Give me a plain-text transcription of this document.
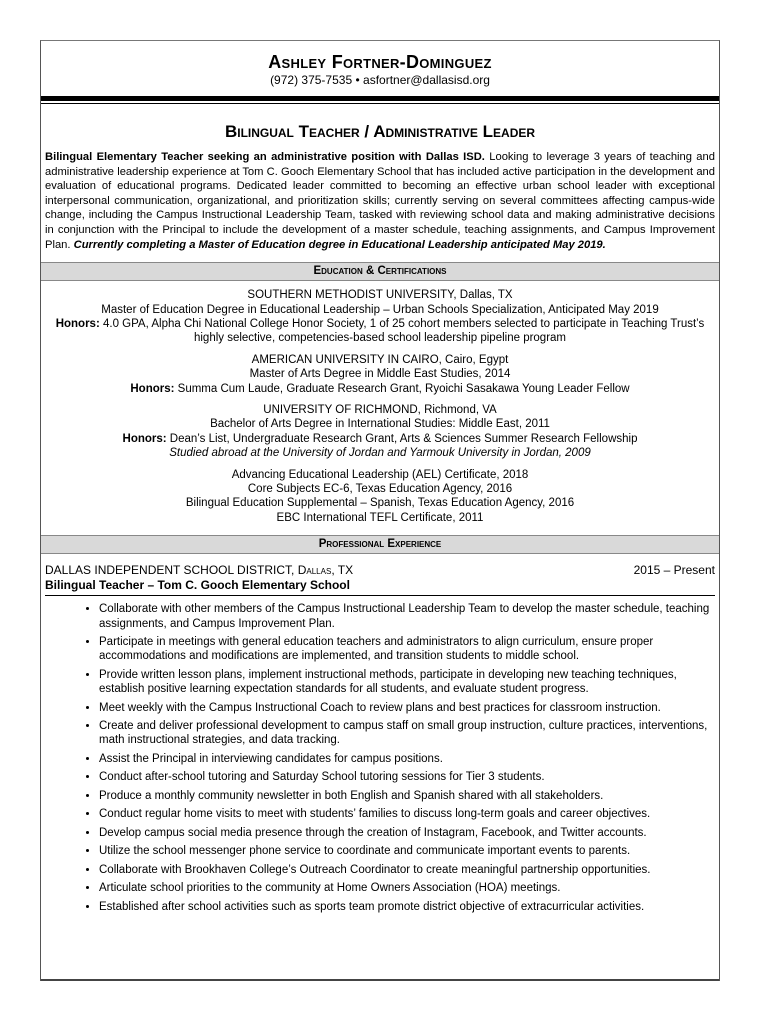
Ashley Fortner-Dominguez
(972) 375-7535 • asfortner@dallasisd.org
Bilingual Teacher / Administrative Leader
Bilingual Elementary Teacher seeking an administrative position with Dallas ISD. Looking to leverage 3 years of teaching and administrative leadership experience at Tom C. Gooch Elementary School that has included active participation in the development and evaluation of educational programs. Dedicated leader committed to becoming an effective urban school leader with exceptional interpersonal communication, organizational, and prioritization skills; currently serving on several committees affecting campus-wide change, including the Campus Instructional Leadership Team, tasked with reviewing school data and making administrative decisions in conjunction with the Principal to include the development of a master schedule, teaching assignments, and Campus Improvement Plan. Currently completing a Master of Education degree in Educational Leadership anticipated May 2019.
Education & Certifications
SOUTHERN METHODIST UNIVERSITY, Dallas, TX
Master of Education Degree in Educational Leadership – Urban Schools Specialization, Anticipated May 2019
Honors: 4.0 GPA, Alpha Chi National College Honor Society, 1 of 25 cohort members selected to participate in Teaching Trust’s highly selective, competencies-based school leadership pipeline program
AMERICAN UNIVERSITY IN CAIRO, Cairo, Egypt
Master of Arts Degree in Middle East Studies, 2014
Honors: Summa Cum Laude, Graduate Research Grant, Ryoichi Sasakawa Young Leader Fellow
UNIVERSITY OF RICHMOND, Richmond, VA
Bachelor of Arts Degree in International Studies: Middle East, 2011
Honors: Dean’s List, Undergraduate Research Grant, Arts & Sciences Summer Research Fellowship
Studied abroad at the University of Jordan and Yarmouk University in Jordan, 2009
Advancing Educational Leadership (AEL) Certificate, 2018
Core Subjects EC-6, Texas Education Agency, 2016
Bilingual Education Supplemental – Spanish, Texas Education Agency, 2016
EBC International TEFL Certificate, 2011
Professional Experience
DALLAS INDEPENDENT SCHOOL DISTRICT, Dallas, TX	2015 – Present
Bilingual Teacher – Tom C. Gooch Elementary School
• Collaborate with other members of the Campus Instructional Leadership Team to develop the master schedule, teaching assignments, and Campus Improvement Plan.
• Participate in meetings with general education teachers and administrators to align curriculum, ensure proper accommodations and modifications are implemented, and transition students to middle school.
• Provide written lesson plans, implement instructional methods, participate in developing new teaching techniques, establish positive learning expectation standards for all students, and evaluate student progress.
• Meet weekly with the Campus Instructional Coach to review plans and best practices for classroom instruction.
• Create and deliver professional development to campus staff on small group instruction, culture practices, interventions, math instructional strategies, and data tracking.
• Assist the Principal in interviewing candidates for campus positions.
• Conduct after-school tutoring and Saturday School tutoring sessions for Tier 3 students.
• Produce a monthly community newsletter in both English and Spanish shared with all stakeholders.
• Conduct regular home visits to meet with students’ families to discuss long-term goals and career objectives.
• Develop campus social media presence through the creation of Instagram, Facebook, and Twitter accounts.
• Utilize the school messenger phone service to coordinate and communicate important events to parents.
• Collaborate with Brookhaven College’s Outreach Coordinator to create meaningful partnership opportunities.
• Articulate school priorities to the community at Home Owners Association (HOA) meetings.
• Established after school activities such as sports team promote district objective of extracurricular activities.
